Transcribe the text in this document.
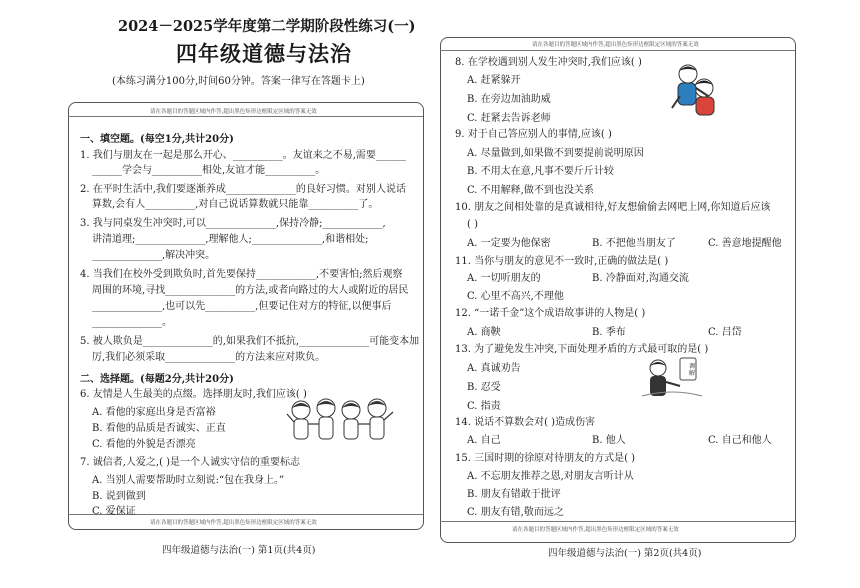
2024－2025学年度第二学期阶段性练习(一)
四年级道德与法治
(本练习满分100分,时间60分钟。答案一律写在答题卡上)
请在各题目的答题区域内作答,超出黑色矩形边框限定区域的答案无效
请在各题目的答题区域内作答,超出黑色矩形边框限定区域的答案无效
一、填空题。(每空1分,共计20分)
1. 我们与朋友在一起是那么开心、__________。友谊来之不易,需要______
______学会与__________相处,友谊才能__________。
2. 在平时生活中,我们要逐渐养成______________的良好习惯。对别人说话
算数,会有人__________,对自己说话算数就只能靠__________了。
3. 我与同桌发生冲突时,可以______________,保持冷静;____________,
讲清道理;______________,理解他人;______________,和谐相处;
______________,解决冲突。
4. 当我们在校外受到欺负时,首先要保持____________,不要害怕;然后观察
周围的环境,寻找______________的方法,或者向路过的大人或附近的居民
______________,也可以先__________,但要记住对方的特征,以便事后
______________。
5. 被人欺负是______________的,如果我们不抵抗,______________可能变本加
厉,我们必须采取______________的方法来应对欺负。
二、选择题。(每题2分,共计20分)
6. 友情是人生最美的点缀。选择朋友时,我们应该( )
A. 看他的家庭出身是否富裕
B. 看他的品质是否诚实、正直
C. 看他的外貌是否漂亮
7. 诚信者,人爱之,( )是一个人诚实守信的重要标志
A. 当别人需要帮助时立刻说:“包在我身上。”
B. 说到做到
C. 爱保证
四年级道德与法治(一) 第1页(共4页)
请在各题目的答题区域内作答,超出黑色矩形边框限定区域的答案无效
请在各题目的答题区域内作答,超出黑色矩形边框限定区域的答案无效
8. 在学校遇到别人发生冲突时,我们应该( )
A. 赶紧躲开
B. 在旁边加油助威
C. 赶紧去告诉老师
9. 对于自己答应别人的事情,应该( )
A. 尽量做到,如果做不到要提前说明原因
B. 不用太在意,凡事不要斤斤计较
C. 不用解释,做不到也没关系
10. 朋友之间相处靠的是真诚相待,好友想偷偷去网吧上网,你知道后应该
( )
A. 一定要为他保密	B. 不把他当朋友了	C. 善意地提醒他
11. 当你与朋友的意见不一致时,正确的做法是( )
A. 一切听朋友的	B. 冷静面对,沟通交流
C. 心里不高兴,不理他
12. “一诺千金”这个成语故事讲的人物是( )
A. 商鞅	B. 季布	C. 吕岱
13. 为了避免发生冲突,下面处理矛盾的方式最可取的是( )
A. 真诚劝告
B. 忍受
C. 指责
调解
14. 说话不算数会对( )造成伤害
A. 自己	B. 他人	C. 自己和他人
15. 三国时期的徐原对待朋友的方式是( )
A. 不忘朋友推荐之恩,对朋友言听计从
B. 朋友有错敢于批评
C. 朋友有错,敬而远之
四年级道德与法治(一) 第2页(共4页)
